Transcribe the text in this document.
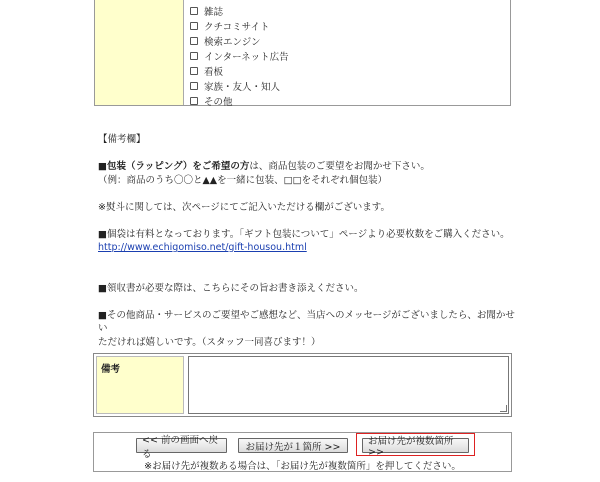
雑誌
クチコミサイト
検索エンジン
インターネット広告
看板
家族・友人・知人
その他

【備考欄】

■包装（ラッピング）をご希望の方は、商品包装のご要望をお聞かせ下さい。

（例：商品のうち〇〇と▲▲を一緒に包装、□□をそれぞれ個包装）

※熨斗に関しては、次ページにてご記入いただける欄がございます。

■個袋は有料となっております。「ギフト包装について」ページより必要枚数をご購入ください。

http://www.echigomiso.net/gift-housou.html

■領収書が必要な際は、こちらにその旨お書き添えください。

■その他商品・サービスのご要望やご感想など、当店へのメッセージがございましたら、お聞かせい

ただければ嬉しいです。（スタッフ一同喜びます！）

備考
<< 前の画面へ戻る
お届け先が１箇所 >>	お届け先が複数箇所 >>
※お届け先が複数ある場合は、「お届け先が複数箇所」を押してください。
